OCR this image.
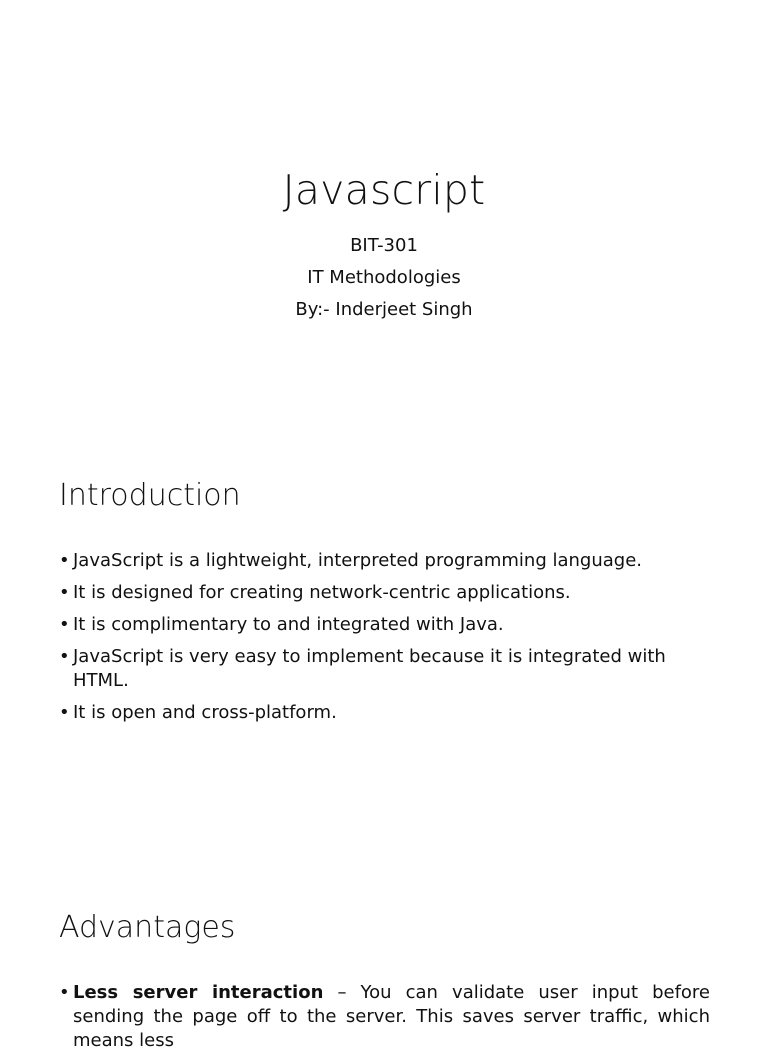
Javascript

BIT-301

IT Methodologies

By:- Inderjeet Singh

Introduction
• JavaScript is a lightweight, interpreted programming language.
• It is designed for creating network-centric applications.
• It is complimentary to and integrated with Java.
• JavaScript is very easy to implement because it is integrated with HTML.
• It is open and cross-platform.
Advantages
• Less server interaction – You can validate user input before sending the page off to the server. This saves server traffic, which means less
